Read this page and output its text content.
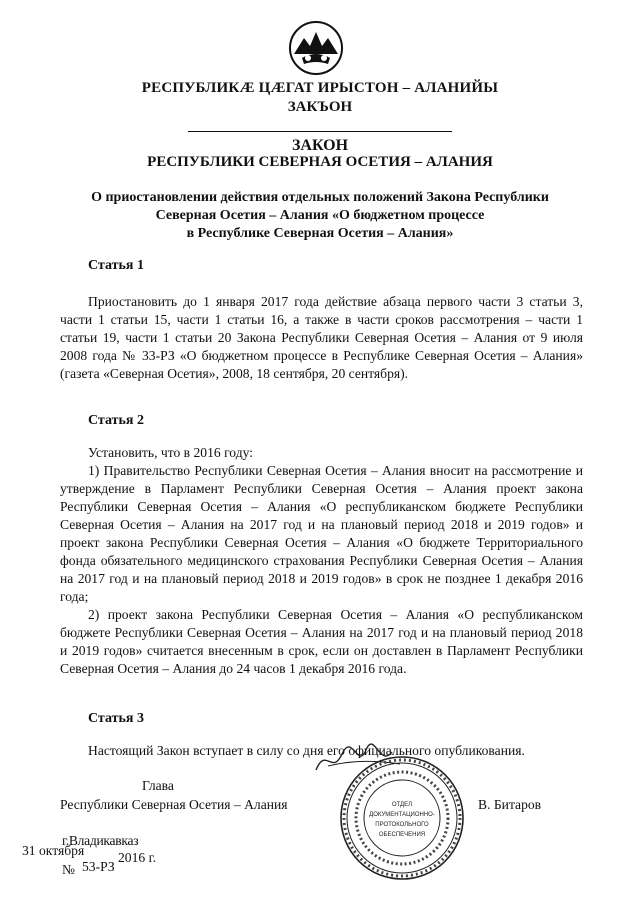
РЕСПУБЛИКӔ ЦӔГАТ ИРЫСТОН – АЛАНИЙЫ
ЗАКЪОН
ЗАКОН
РЕСПУБЛИКИ СЕВЕРНАЯ ОСЕТИЯ – АЛАНИЯ
О приостановлении действия отдельных положений Закона Республики
Северная Осетия – Алания «О бюджетном процессе
в Республике Северная Осетия – Алания»
Статья 1

Приостановить до 1 января 2017 года действие абзаца первого части 3 статьи 3, части 1 статьи 15, части 1 статьи 16, а также в части сроков рассмотрения – части 1 статьи 19, части 1 статьи 20 Закона Республики Северная Осетия – Алания от 9 июля 2008 года № 33-РЗ «О бюджетном процессе в Республике Северная Осетия – Алания» (газета «Северная Осетия», 2008, 18 сентября, 20 сентября).

Статья 2
Установить, что в 2016 году:
1) Правительство Республики Северная Осетия – Алания вносит на рассмотрение и утверждение в Парламент Республики Северная Осетия – Алания проект закона Республики Северная Осетия – Алания «О республиканском бюджете Республики Северная Осетия – Алания на 2017 год и на плановый период 2018 и 2019 годов» и проект закона Республики Северная Осетия – Алания «О бюджете Территориального фонда обязательного медицинского страхования Республики Северная Осетия – Алания на 2017 год и на плановый период 2018 и 2019 годов» в срок не позднее 1 декабря 2016 года;
2) проект закона Республики Северная Осетия – Алания «О республиканском бюджете Республики Северная Осетия – Алания на 2017 год и на плановый период 2018 и 2019 годов» считается внесенным в срок, если он доставлен в Парламент Республики Северная Осетия – Алания до 24 часов 1 декабря 2016 года.
Статья 3

Настоящий Закон вступает в силу со дня его официального опубликования.

ОТДЕЛ
ДОКУМЕНТАЦИОННО-
ПРОТОКОЛЬНОГО
ОБЕСПЕЧЕНИЯ
Глава
Республики Северная Осетия – Алания	В. Битаров
г.Владикавказ
31 октября 2016 г.
№ 53-РЗ
